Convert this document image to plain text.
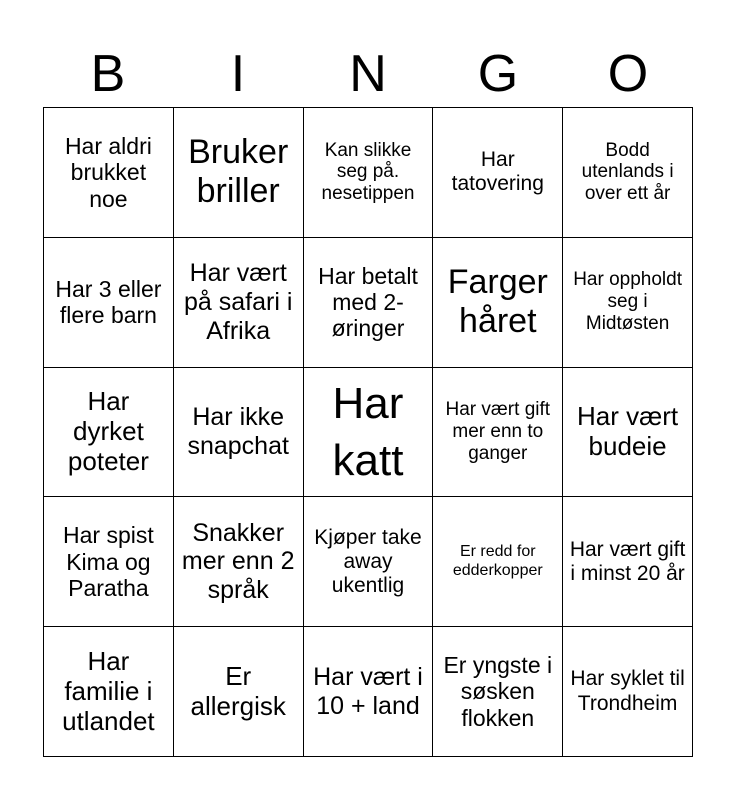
B	I	N	G	O
Har aldri brukket noe
Bruker briller
Kan slikke seg på. nesetippen
Har tatovering
Bodd utenlands i over ett år
Har 3 eller flere barn
Har vært på safari i Afrika
Har betalt med 2-øringer
Farger håret
Har oppholdt seg i Midtøsten
Har dyrket poteter
Har ikke snapchat
Har katt
Har vært gift mer enn to ganger
Har vært budeie
Har spist Kima og Paratha
Snakker mer enn 2 språk
Kjøper take away ukentlig
Er redd for edderkopper
Har vært gift i minst 20 år
Har familie i utlandet
Er allergisk
Har vært i 10 + land
Er yngste i søsken flokken
Har syklet til Trondheim
